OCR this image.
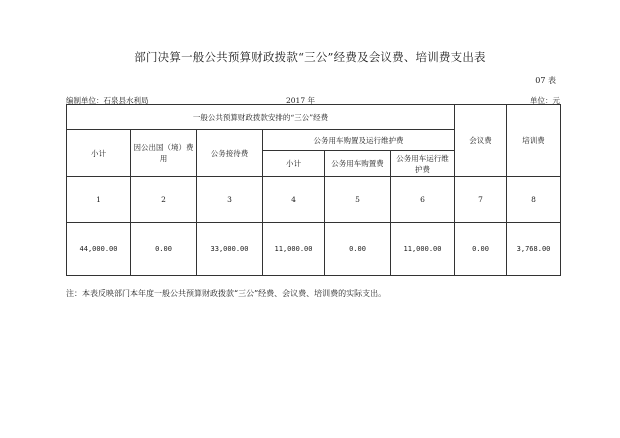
部门决算一般公共预算财政拨款“三公”经费及会议费、培训费支出表
07 表
编制单位：石泉县水利局	2017 年	单位：元
一般公共预算财政拨款安排的“三公”经费						会议费	培训费
小计	因公出国（境）费用	公务接待费	公务用车购置及运行维护费				
			小计	公务用车购置费	公务用车运行维护费		
1	2	3	4	5	6	7	8
44,000.00	0.00	33,000.00	11,000.00	0.00	11,000.00	0.00	3,768.00
注：本表反映部门本年度一般公共预算财政拨款“三公”经费、会议费、培训费的实际支出。
